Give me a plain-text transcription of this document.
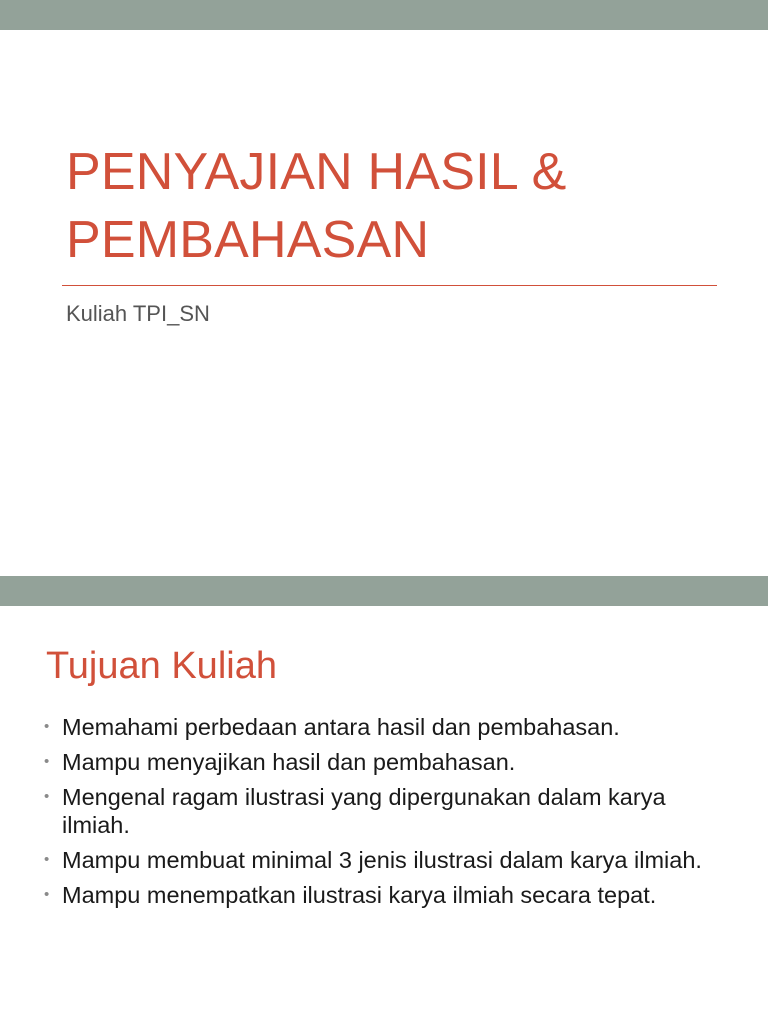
PENYAJIAN HASIL &
PEMBAHASAN

Kuliah TPI_SN

Tujuan Kuliah
• Memahami perbedaan antara hasil dan pembahasan.
• Mampu menyajikan hasil dan pembahasan.
• Mengenal ragam ilustrasi yang dipergunakan dalam karya ilmiah.
• Mampu membuat minimal 3 jenis ilustrasi dalam karya ilmiah.
• Mampu menempatkan ilustrasi karya ilmiah secara tepat.
